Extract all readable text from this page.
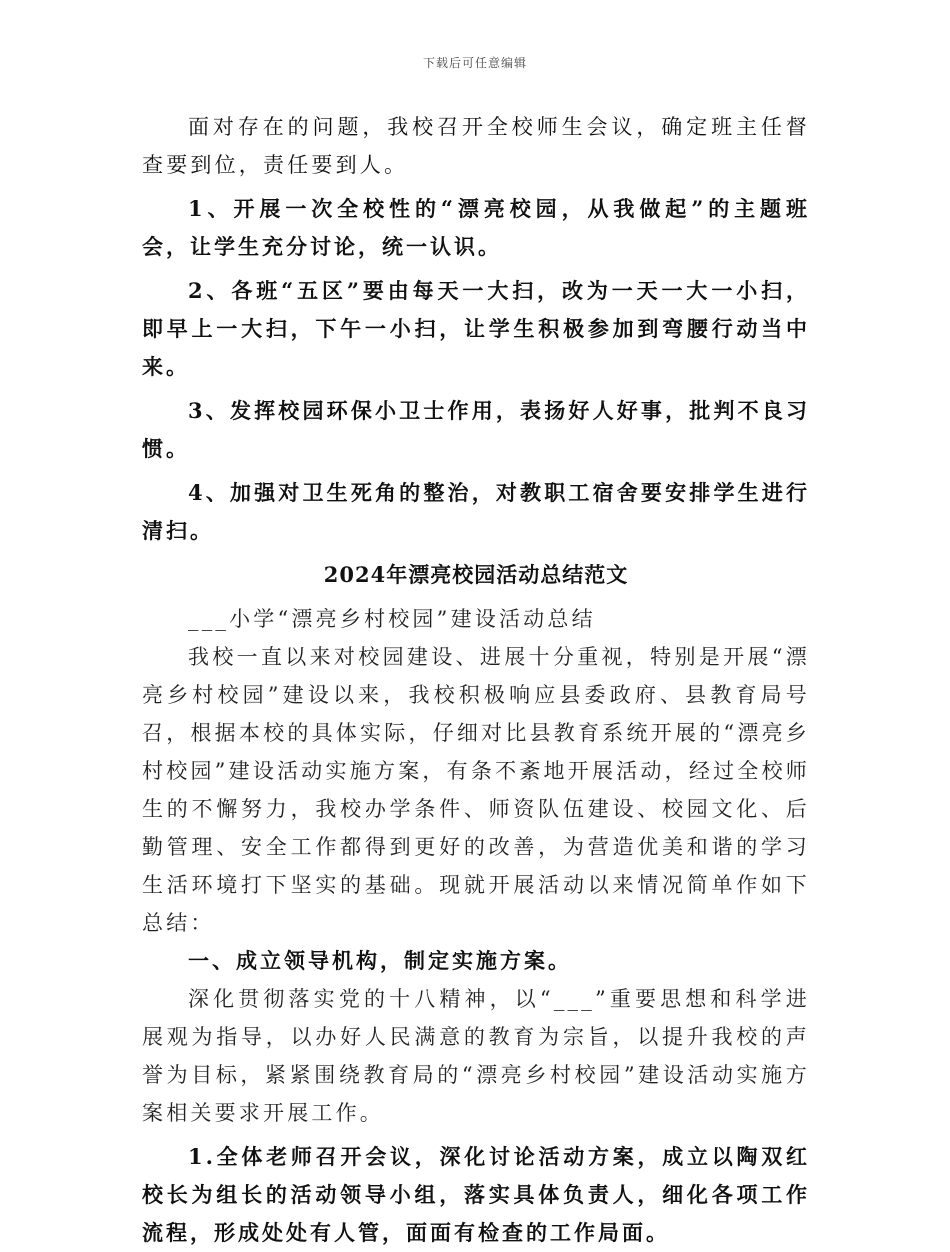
下载后可任意编辑

面对存在的问题，我校召开全校师生会议，确定班主任督查要到位，责任要到人。

1、开展一次全校性的“漂亮校园，从我做起”的主题班会，让学生充分讨论，统一认识。

2、各班“五区”要由每天一大扫，改为一天一大一小扫，即早上一大扫，下午一小扫，让学生积极参加到弯腰行动当中来。

3、发挥校园环保小卫士作用，表扬好人好事，批判不良习惯。

4、加强对卫生死角的整治，对教职工宿舍要安排学生进行清扫。

2024年漂亮校园活动总结范文

___小学“漂亮乡村校园”建设活动总结

我校一直以来对校园建设、进展十分重视，特别是开展“漂亮乡村校园”建设以来，我校积极响应县委政府、县教育局号召，根据本校的具体实际，仔细对比县教育系统开展的“漂亮乡村校园”建设活动实施方案，有条不紊地开展活动，经过全校师生的不懈努力，我校办学条件、师资队伍建设、校园文化、后勤管理、安全工作都得到更好的改善，为营造优美和谐的学习生活环境打下坚实的基础。现就开展活动以来情况简单作如下总结：

一、成立领导机构，制定实施方案。

深化贯彻落实党的十八精神，以“___”重要思想和科学进展观为指导，以办好人民满意的教育为宗旨，以提升我校的声誉为目标，紧紧围绕教育局的“漂亮乡村校园”建设活动实施方案相关要求开展工作。

1.全体老师召开会议，深化讨论活动方案，成立以陶双红校长为组长的活动领导小组，落实具体负责人，细化各项工作流程，形成处处有人管，面面有检查的工作局面。
